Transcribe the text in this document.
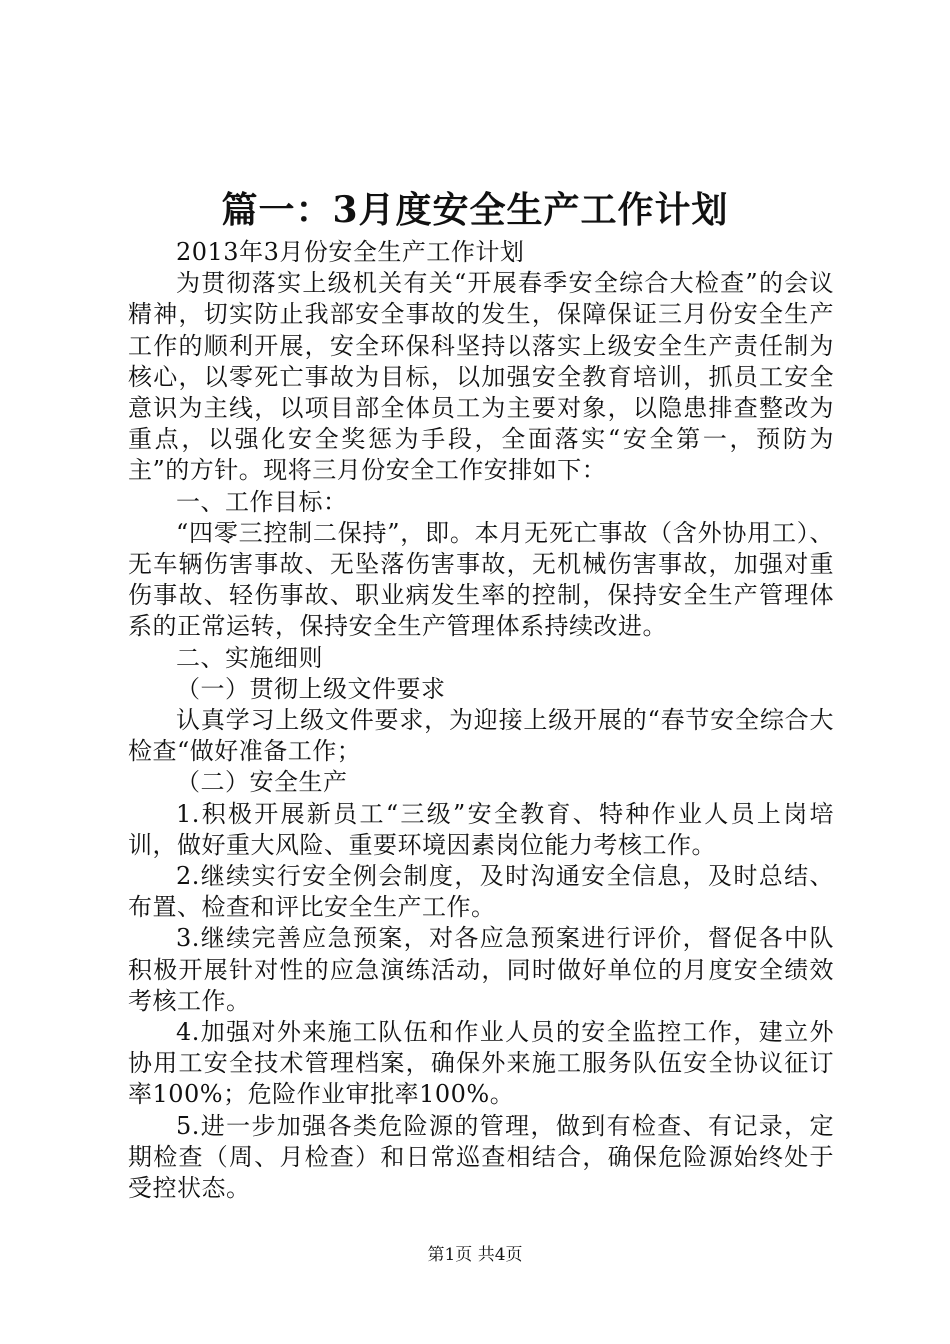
篇一：3月度安全生产工作计划

2013年3月份安全生产工作计划

为贯彻落实上级机关有关“开展春季安全综合大检查”的会议精神，切实防止我部安全事故的发生，保障保证三月份安全生产工作的顺利开展，安全环保科坚持以落实上级安全生产责任制为核心，以零死亡事故为目标，以加强安全教育培训，抓员工安全意识为主线，以项目部全体员工为主要对象，以隐患排查整改为重点，以强化安全奖惩为手段，全面落实“安全第一，预防为主”的方针。现将三月份安全工作安排如下：

一、工作目标：

“四零三控制二保持”，即。本月无死亡事故（含外协用工）、无车辆伤害事故、无坠落伤害事故，无机械伤害事故，加强对重伤事故、轻伤事故、职业病发生率的控制，保持安全生产管理体系的正常运转，保持安全生产管理体系持续改进。

二、实施细则

（一）贯彻上级文件要求

认真学习上级文件要求，为迎接上级开展的“春节安全综合大检查“做好准备工作；

（二）安全生产

1.积极开展新员工“三级”安全教育、特种作业人员上岗培训，做好重大风险、重要环境因素岗位能力考核工作。

2.继续实行安全例会制度，及时沟通安全信息，及时总结、布置、检查和评比安全生产工作。

3.继续完善应急预案，对各应急预案进行评价，督促各中队积极开展针对性的应急演练活动，同时做好单位的月度安全绩效考核工作。

4.加强对外来施工队伍和作业人员的安全监控工作，建立外协用工安全技术管理档案，确保外来施工服务队伍安全协议征订率100%；危险作业审批率100%。

5.进一步加强各类危险源的管理，做到有检查、有记录，定期检查（周、月检查）和日常巡查相结合，确保危险源始终处于受控状态。

第1页 共4页
